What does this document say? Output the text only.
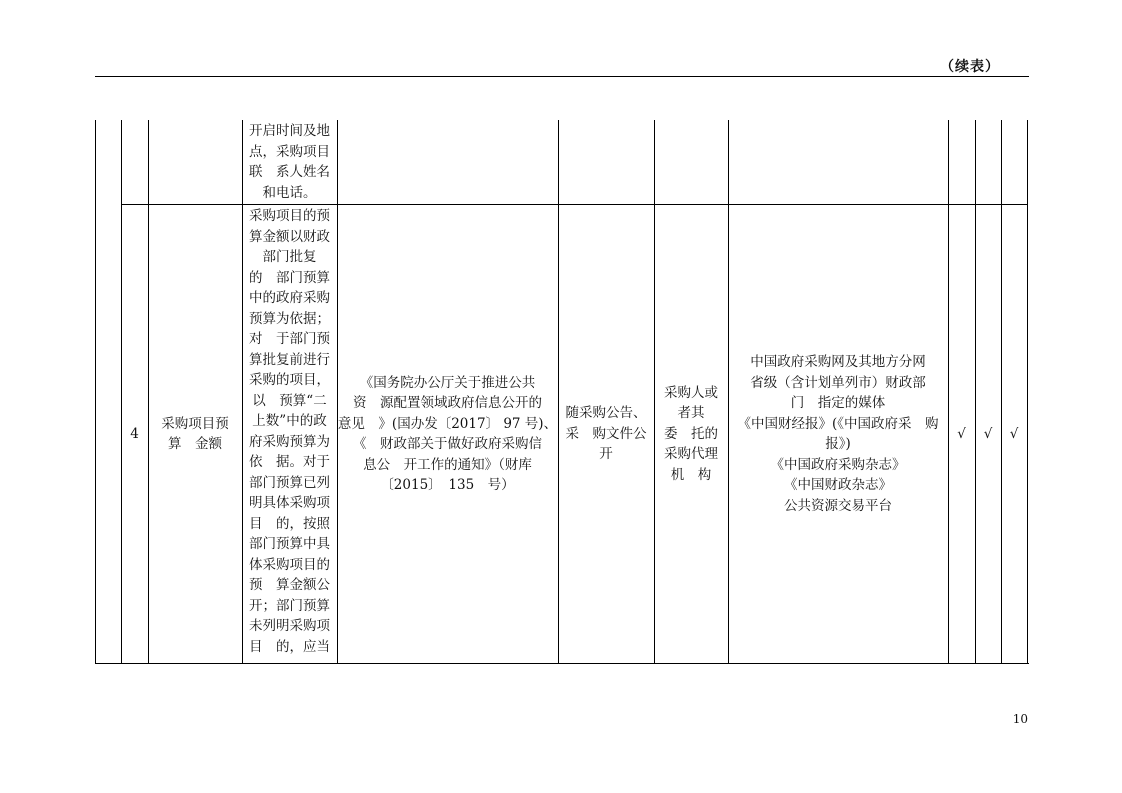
（续表）
开启时间及地
点，采购项目
联　系人姓名
和电话。
4
采购项目预
算　金额
采购项目的预
算金额以财政
部门批复
的　部门预算
中的政府采购
预算为依据；
对　于部门预
算批复前进行
采购的项目，
以　预算“二
上数”中的政
府采购预算为
依　据。对于
部门预算已列
明具体采购项
目　的，按照
部门预算中具
体采购项目的
预　算金额公
开；部门预算
未列明采购项
目　的，应当
《国务院办公厅关于推进公共
资　源配置领域政府信息公开的
意见　》(国办发〔2017〕 97 号)、
《　财政部关于做好政府采购信
息公　开工作的通知》（财库
〔2015〕　135　号）
随采购公告、
采　购文件公
开
采购人或
者其
委　托的
采购代理
机　构
中国政府采购网及其地方分网
省级（含计划单列市）财政部
门　指定的媒体
《中国财经报》(《中国政府采　购
报》)
《中国政府采购杂志》
《中国财政杂志》
公共资源交易平台
√ √ √
10
